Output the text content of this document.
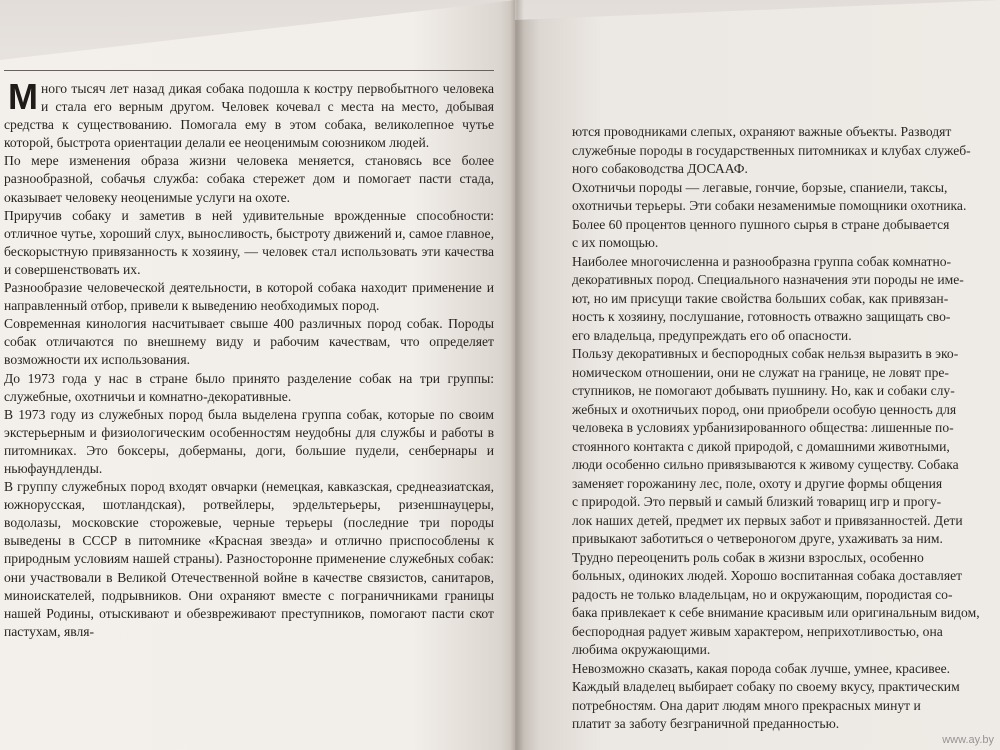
Много тысяч лет назад дикая собака подошла к костру первобытного человека и стала его верным другом. Человек кочевал с места на место, добывая средства к существованию. Помогала ему в этом собака, великолепное чутье которой, быстрота ориентации делали ее неоценимым союзником людей.

По мере изменения образа жизни человека меняется, становясь все более разнообразной, собачья служба: собака стережет дом и помогает пасти стада, оказывает человеку неоценимые услуги на охоте.

Приручив собаку и заметив в ней удивительные врожденные способности: отличное чутье, хороший слух, выносливость, быстроту движений и, самое главное, бескорыстную привязанность к хозяину, — человек стал использовать эти качества и совершенствовать их.

Разнообразие человеческой деятельности, в которой собака находит применение и направленный отбор, привели к выведению необходимых пород.

Современная кинология насчитывает свыше 400 различных пород собак. Породы собак отличаются по внешнему виду и рабочим качествам, что определяет возможности их использования.

До 1973 года у нас в стране было принято разделение собак на три группы: служебные, охотничьи и комнатно-декоративные.

В 1973 году из служебных пород была выделена группа собак, которые по своим экстерьерным и физиологическим особенностям неудобны для службы и работы в питомниках. Это боксеры, доберманы, доги, большие пудели, сенбернары и ньюфаундленды.

В группу служебных пород входят овчарки (немецкая, кавказская, среднеазиатская, южнорусская, шотландская), ротвейлеры, эрдельтерьеры, ризеншнауцеры, водолазы, московские сторожевые, черные терьеры (последние три породы выведены в СССР в питомнике «Красная звезда» и отлично приспособлены к природным условиям нашей страны). Разносторонне применение служебных собак: они участвовали в Великой Отечественной войне в качестве связистов, санитаров, миноискателей, подрывников. Они охраняют вместе с пограничниками границы нашей Родины, отыскивают и обезвреживают преступников, помогают пасти скот пастухам, явля-

ются проводниками слепых, охраняют важные объекты. Разводят
служебные породы в государственных питомниках и клубах служеб-
ного собаководства ДОСААФ.
Охотничьи породы — легавые, гончие, борзые, спаниели, таксы,
охотничьи терьеры. Эти собаки незаменимые помощники охотника.
Более 60 процентов ценного пушного сырья в стране добывается
с их помощью.
Наиболее многочисленна и разнообразна группа собак комнатно-
декоративных пород. Специального назначения эти породы не име-
ют, но им присущи такие свойства больших собак, как привязан-
ность к хозяину, послушание, готовность отважно защищать сво-
его владельца, предупреждать его об опасности.
Пользу декоративных и беспородных собак нельзя выразить в эко-
номическом отношении, они не служат на границе, не ловят пре-
ступников, не помогают добывать пушнину. Но, как и собаки слу-
жебных и охотничьих пород, они приобрели особую ценность для
человека в условиях урбанизированного общества: лишенные по-
стоянного контакта с дикой природой, с домашними животными,
люди особенно сильно привязываются к живому существу. Собака
заменяет горожанину лес, поле, охоту и другие формы общения
с природой. Это первый и самый близкий товарищ игр и прогу-
лок наших детей, предмет их первых забот и привязанностей. Дети
привыкают заботиться о четвероногом друге, ухаживать за ним.
Трудно переоценить роль собак в жизни взрослых, особенно
больных, одиноких людей. Хорошо воспитанная собака доставляет
радость не только владельцам, но и окружающим, породистая со-
бака привлекает к себе внимание красивым или оригинальным видом,
беспородная радует живым характером, неприхотливостью, она
любима окружающими.
Невозможно сказать, какая порода собак лучше, умнее, красивее.
Каждый владелец выбирает собаку по своему вкусу, практическим
потребностям. Она дарит людям много прекрасных минут и
платит за заботу безграничной преданностью.
www.ay.by
